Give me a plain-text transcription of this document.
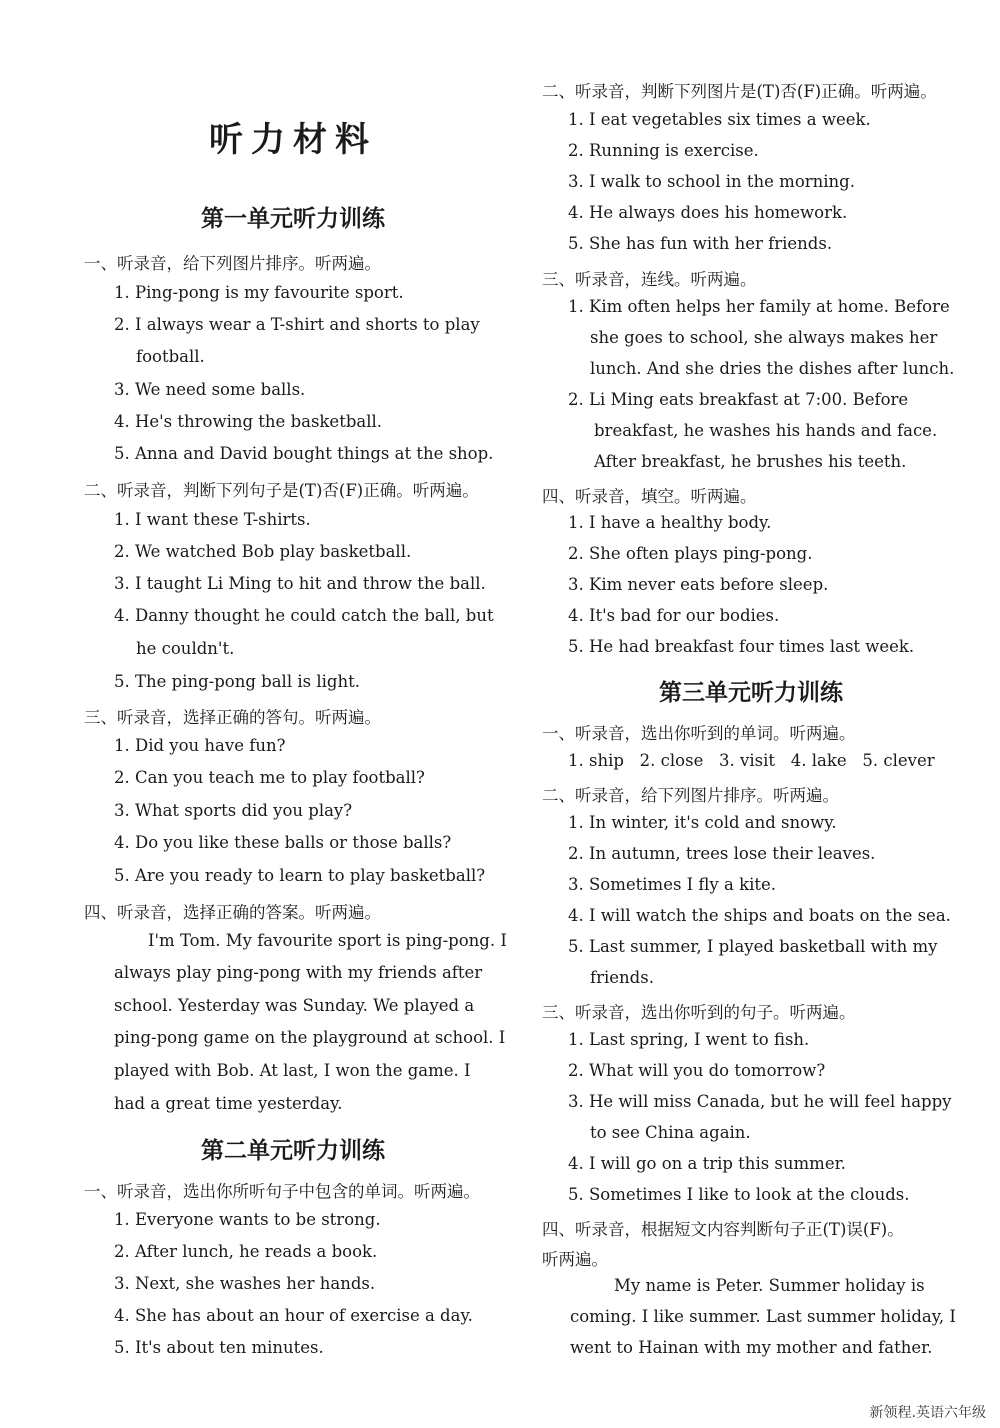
听力材料
第一单元听力训练

一、听录音，给下列图片排序。听两遍。

1. Ping-pong is my favourite sport.

2. I always wear a T-shirt and shorts to play

football.

3. We need some balls.

4. He's throwing the basketball.

5. Anna and David bought things at the shop.

二、听录音，判断下列句子是(T)否(F)正确。听两遍。

1. I want these T-shirts.

2. We watched Bob play basketball.

3. I taught Li Ming to hit and throw the ball.

4. Danny thought he could catch the ball, but

he couldn't.

5. The ping-pong ball is light.

三、听录音，选择正确的答句。听两遍。

1. Did you have fun?

2. Can you teach me to play football?

3. What sports did you play?

4. Do you like these balls or those balls?

5. Are you ready to learn to play basketball?

四、听录音，选择正确的答案。听两遍。

I'm Tom. My favourite sport is ping-pong. I

always play ping-pong with my friends after

school. Yesterday was Sunday. We played a

ping-pong game on the playground at school. I

played with Bob. At last, I won the game. I

had a great time yesterday.

第二单元听力训练

一、听录音，选出你所听句子中包含的单词。听两遍。

1. Everyone wants to be strong.

2. After lunch, he reads a book.

3. Next, she washes her hands.

4. She has about an hour of exercise a day.

5. It's about ten minutes.

二、听录音，判断下列图片是(T)否(F)正确。听两遍。

1. I eat vegetables six times a week.

2. Running is exercise.

3. I walk to school in the morning.

4. He always does his homework.

5. She has fun with her friends.

三、听录音，连线。听两遍。

1. Kim often helps her family at home. Before

she goes to school, she always makes her

lunch. And she dries the dishes after lunch.

2. Li Ming eats breakfast at 7:00. Before

breakfast, he washes his hands and face.

After breakfast, he brushes his teeth.

四、听录音，填空。听两遍。

1. I have a healthy body.

2. She often plays ping-pong.

3. Kim never eats before sleep.

4. It's bad for our bodies.

5. He had breakfast four times last week.

第三单元听力训练

一、听录音，选出你听到的单词。听两遍。

1. ship   2. close   3. visit   4. lake   5. clever

二、听录音，给下列图片排序。听两遍。

1. In winter, it's cold and snowy.

2. In autumn, trees lose their leaves.

3. Sometimes I fly a kite.

4. I will watch the ships and boats on the sea.

5. Last summer, I played basketball with my

friends.

三、听录音，选出你听到的句子。听两遍。

1. Last spring, I went to fish.

2. What will you do tomorrow?

3. He will miss Canada, but he will feel happy

to see China again.

4. I will go on a trip this summer.

5. Sometimes I like to look at the clouds.

四、听录音，根据短文内容判断句子正(T)误(F)。

听两遍。

My name is Peter. Summer holiday is

coming. I like summer. Last summer holiday, I

went to Hainan with my mother and father.

新领程.英语六年级
